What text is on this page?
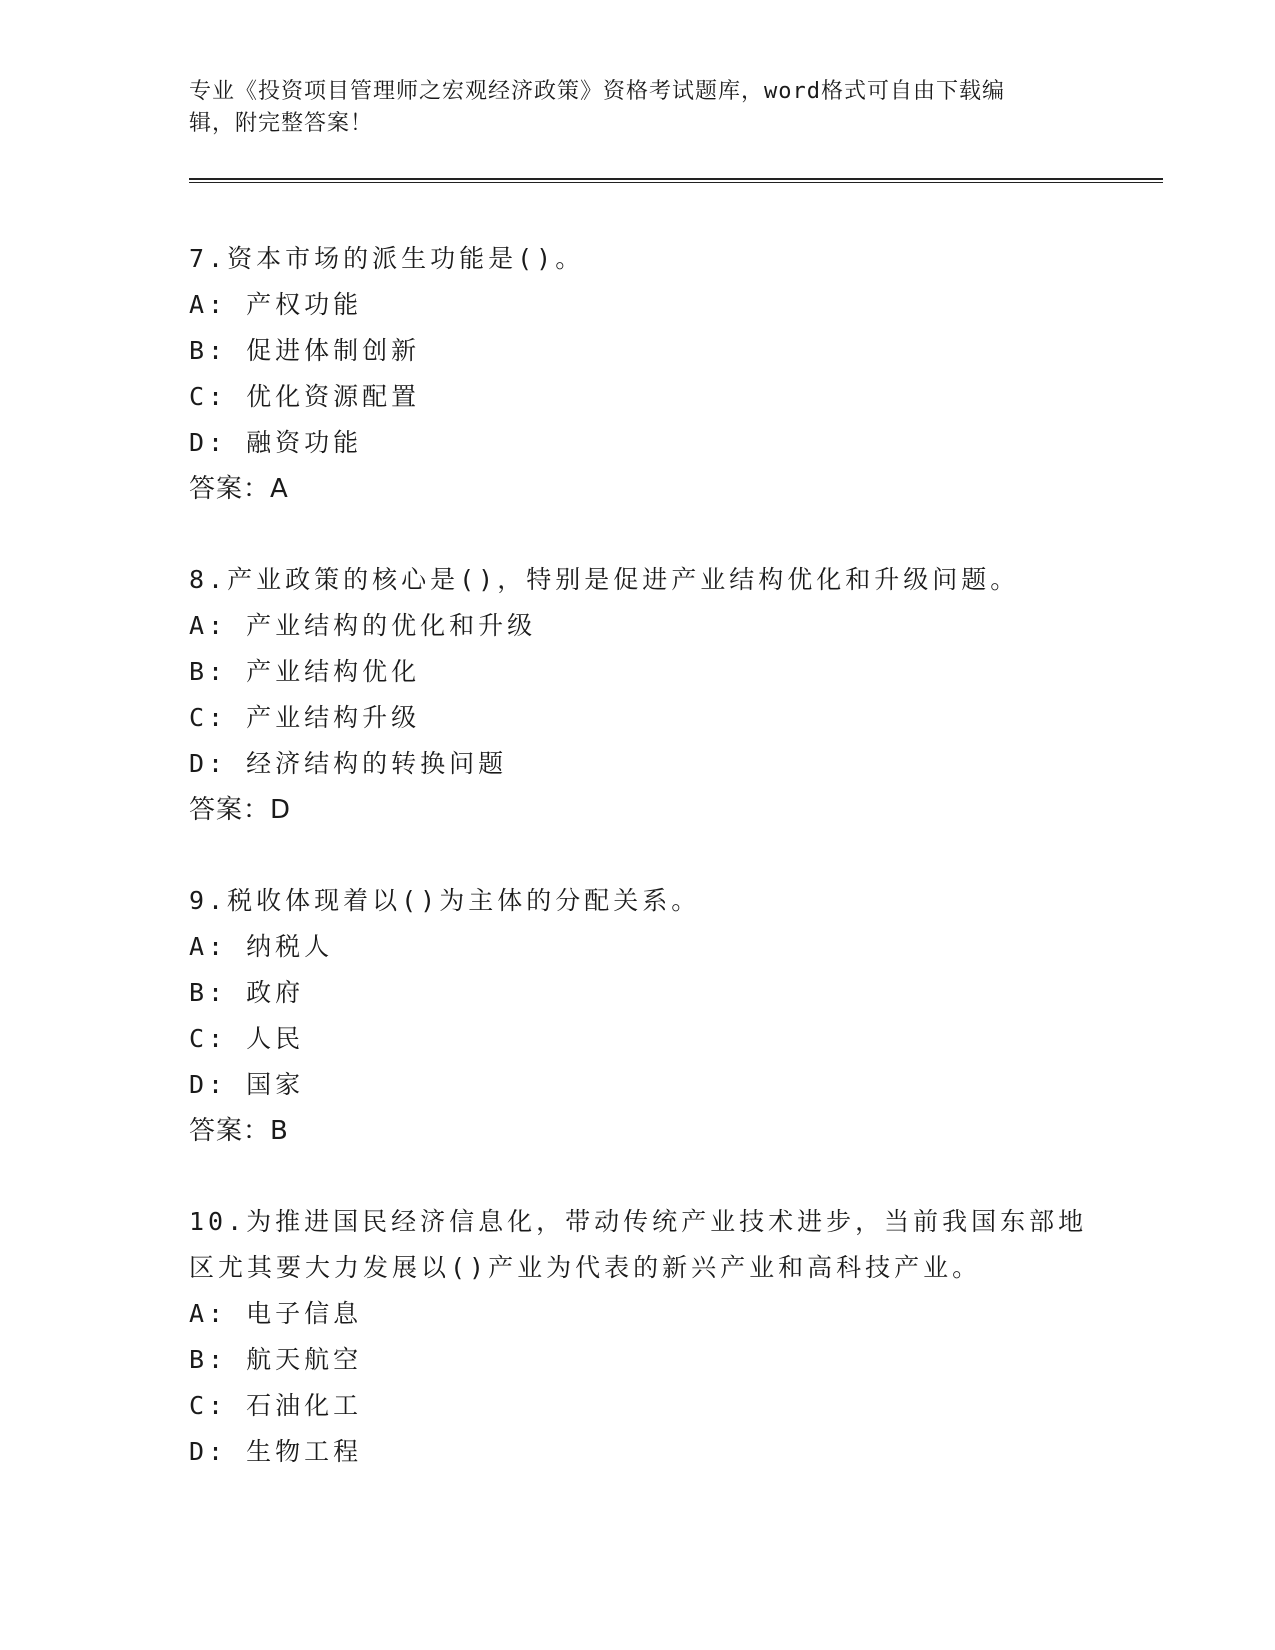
专业《投资项目管理师之宏观经济政策》资格考试题库，word格式可自由下载编
辑，附完整答案！
7.资本市场的派生功能是()。
A: 产权功能
B: 促进体制创新
C: 优化资源配置
D: 融资功能
答案：A
8.产业政策的核心是()，特别是促进产业结构优化和升级问题。
A: 产业结构的优化和升级
B: 产业结构优化
C: 产业结构升级
D: 经济结构的转换问题
答案：D
9.税收体现着以()为主体的分配关系。
A: 纳税人
B: 政府
C: 人民
D: 国家
答案：B
10.为推进国民经济信息化，带动传统产业技术进步，当前我国东部地区尤其要大力发展以()产业为代表的新兴产业和高科技产业。
A: 电子信息
B: 航天航空
C: 石油化工
D: 生物工程
